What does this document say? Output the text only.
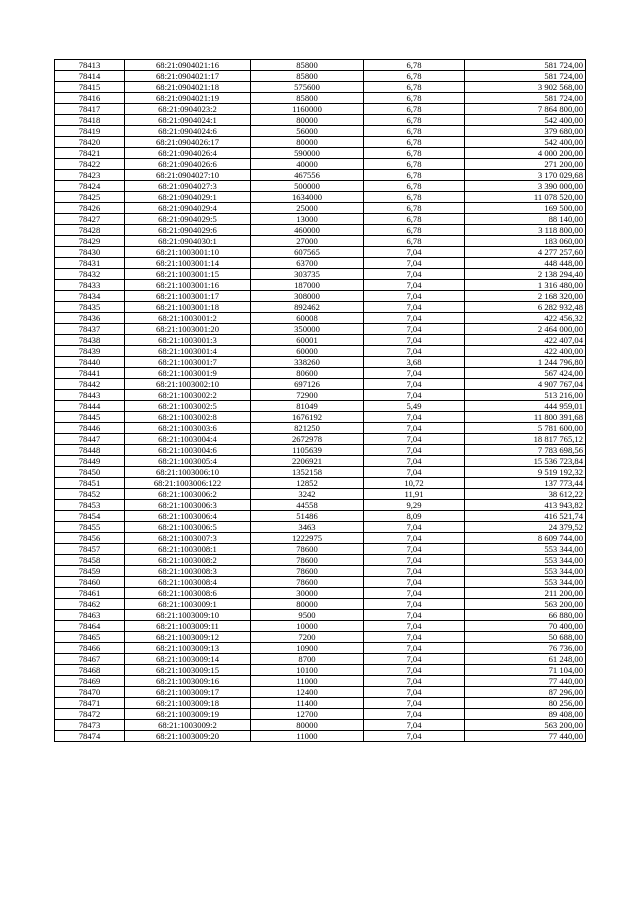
78413	68:21:0904021:16	85800	6,78	581 724,00
78414	68:21:0904021:17	85800	6,78	581 724,00
78415	68:21:0904021:18	575600	6,78	3 902 568,00
78416	68:21:0904021:19	85800	6,78	581 724,00
78417	68:21:0904023:2	1160000	6,78	7 864 800,00
78418	68:21:0904024:1	80000	6,78	542 400,00
78419	68:21:0904024:6	56000	6,78	379 680,00
78420	68:21:0904026:17	80000	6,78	542 400,00
78421	68:21:0904026:4	590000	6,78	4 000 200,00
78422	68:21:0904026:6	40000	6,78	271 200,00
78423	68:21:0904027:10	467556	6,78	3 170 029,68
78424	68:21:0904027:3	500000	6,78	3 390 000,00
78425	68:21:0904029:1	1634000	6,78	11 078 520,00
78426	68:21:0904029:4	25000	6,78	169 500,00
78427	68:21:0904029:5	13000	6,78	88 140,00
78428	68:21:0904029:6	460000	6,78	3 118 800,00
78429	68:21:0904030:1	27000	6,78	183 060,00
78430	68:21:1003001:10	607565	7,04	4 277 257,60
78431	68:21:1003001:14	63700	7,04	448 448,00
78432	68:21:1003001:15	303735	7,04	2 138 294,40
78433	68:21:1003001:16	187000	7,04	1 316 480,00
78434	68:21:1003001:17	308000	7,04	2 168 320,00
78435	68:21:1003001:18	892462	7,04	6 282 932,48
78436	68:21:1003001:2	60008	7,04	422 456,32
78437	68:21:1003001:20	350000	7,04	2 464 000,00
78438	68:21:1003001:3	60001	7,04	422 407,04
78439	68:21:1003001:4	60000	7,04	422 400,00
78440	68:21:1003001:7	338260	3,68	1 244 796,80
78441	68:21:1003001:9	80600	7,04	567 424,00
78442	68:21:1003002:10	697126	7,04	4 907 767,04
78443	68:21:1003002:2	72900	7,04	513 216,00
78444	68:21:1003002:5	81049	5,49	444 959,01
78445	68:21:1003002:8	1676192	7,04	11 800 391,68
78446	68:21:1003003:6	821250	7,04	5 781 600,00
78447	68:21:1003004:4	2672978	7,04	18 817 765,12
78448	68:21:1003004:6	1105639	7,04	7 783 698,56
78449	68:21:1003005:4	2206921	7,04	15 536 723,84
78450	68:21:1003006:10	1352158	7,04	9 519 192,32
78451	68:21:1003006:122	12852	10,72	137 773,44
78452	68:21:1003006:2	3242	11,91	38 612,22
78453	68:21:1003006:3	44558	9,29	413 943,82
78454	68:21:1003006:4	51486	8,09	416 521,74
78455	68:21:1003006:5	3463	7,04	24 379,52
78456	68:21:1003007:3	1222975	7,04	8 609 744,00
78457	68:21:1003008:1	78600	7,04	553 344,00
78458	68:21:1003008:2	78600	7,04	553 344,00
78459	68:21:1003008:3	78600	7,04	553 344,00
78460	68:21:1003008:4	78600	7,04	553 344,00
78461	68:21:1003008:6	30000	7,04	211 200,00
78462	68:21:1003009:1	80000	7,04	563 200,00
78463	68:21:1003009:10	9500	7,04	66 880,00
78464	68:21:1003009:11	10000	7,04	70 400,00
78465	68:21:1003009:12	7200	7,04	50 688,00
78466	68:21:1003009:13	10900	7,04	76 736,00
78467	68:21:1003009:14	8700	7,04	61 248,00
78468	68:21:1003009:15	10100	7,04	71 104,00
78469	68:21:1003009:16	11000	7,04	77 440,00
78470	68:21:1003009:17	12400	7,04	87 296,00
78471	68:21:1003009:18	11400	7,04	80 256,00
78472	68:21:1003009:19	12700	7,04	89 408,00
78473	68:21:1003009:2	80000	7,04	563 200,00
78474	68:21:1003009:20	11000	7,04	77 440,00
